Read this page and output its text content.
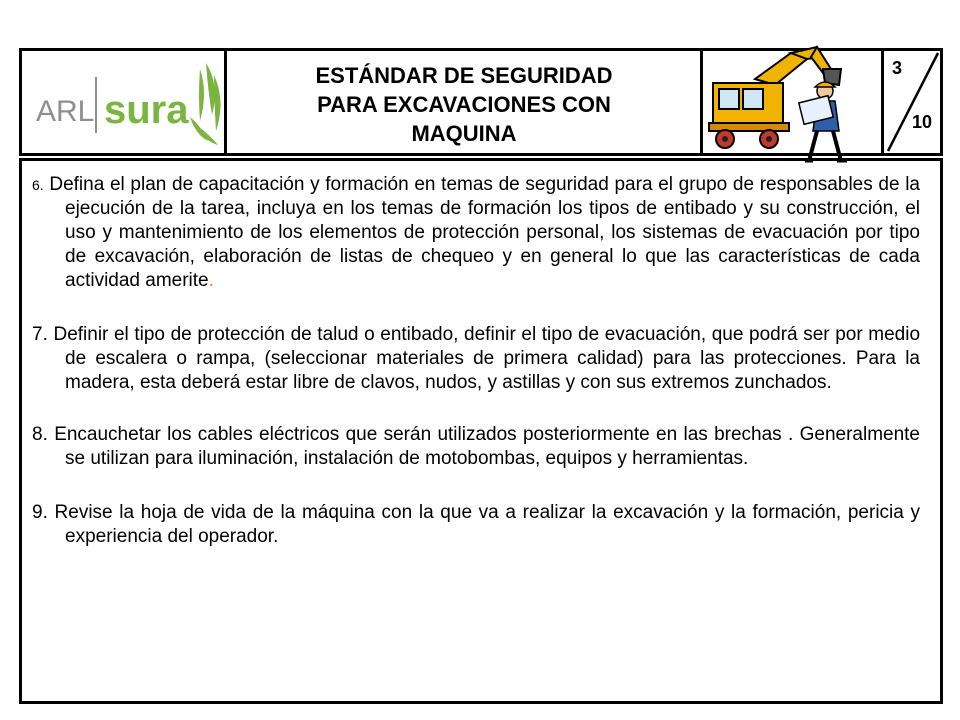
ARL sura
ESTÁNDAR DE SEGURIDAD
PARA EXCAVACIONES CON
MAQUINA
3
10

6. Defina el plan de capacitación y formación en temas de seguridad para el grupo de responsables de la ejecución de la tarea, incluya en los temas de formación los tipos de entibado y su construcción, el uso y mantenimiento de los elementos de protección personal, los sistemas de evacuación por tipo de excavación, elaboración de listas de chequeo y en general lo que las características de cada actividad amerite.

7. Definir el tipo de protección de talud o entibado, definir el tipo de evacuación, que podrá ser por medio de escalera o rampa, (seleccionar materiales de primera calidad) para las protecciones. Para la madera, esta deberá estar libre de clavos, nudos, y astillas y con sus extremos zunchados.

8. Encauchetar los cables eléctricos que serán utilizados posteriormente en las brechas . Generalmente se utilizan para iluminación, instalación de motobombas, equipos y herramientas.

9. Revise la hoja de vida de la máquina con la que va a realizar la excavación y la formación, pericia y experiencia del operador.
